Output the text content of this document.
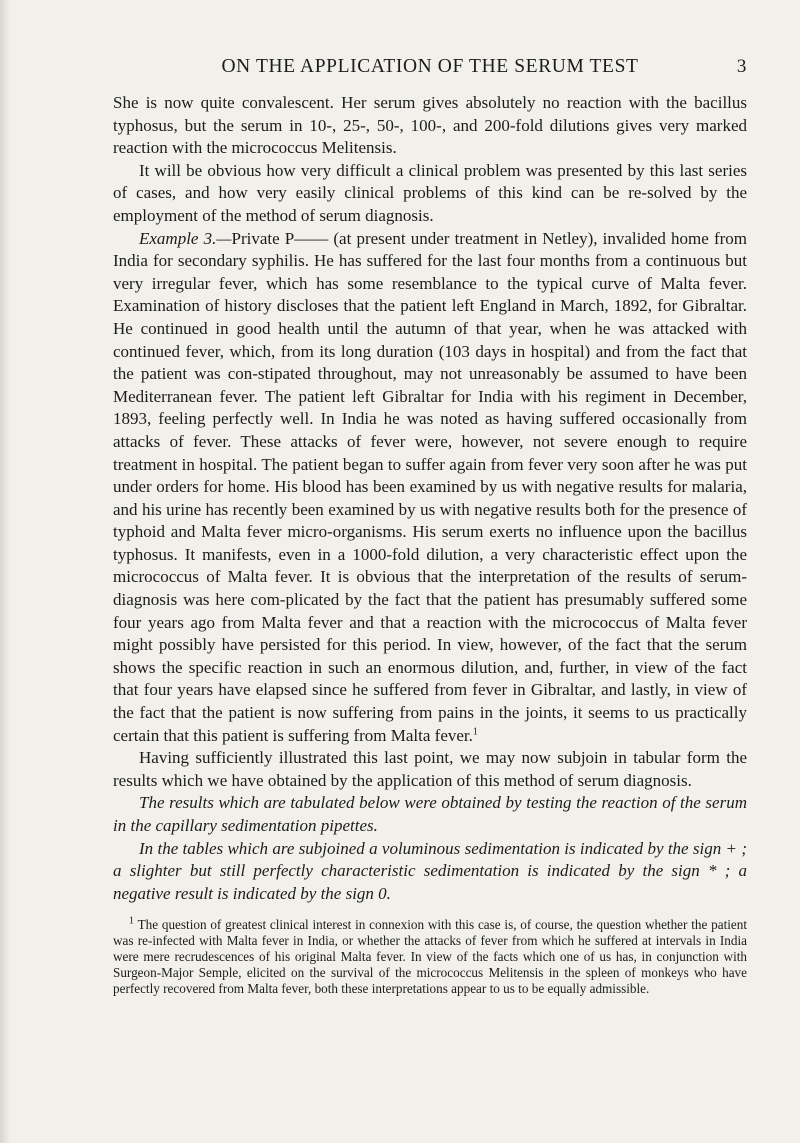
ON THE APPLICATION OF THE SERUM TEST	3

She is now quite convalescent. Her serum gives absolutely no reaction with the bacillus typhosus, but the serum in 10-, 25-, 50-, 100-, and 200-fold dilutions gives very marked reaction with the micrococcus Melitensis.

It will be obvious how very difficult a clinical problem was presented by this last series of cases, and how very easily clinical problems of this kind can be re-solved by the employment of the method of serum diagnosis.

Example 3.—Private P—— (at present under treatment in Netley), invalided home from India for secondary syphilis. He has suffered for the last four months from a continuous but very irregular fever, which has some resemblance to the typical curve of Malta fever. Examination of history discloses that the patient left England in March, 1892, for Gibraltar. He continued in good health until the autumn of that year, when he was attacked with continued fever, which, from its long duration (103 days in hospital) and from the fact that the patient was con-stipated throughout, may not unreasonably be assumed to have been Mediterranean fever. The patient left Gibraltar for India with his regiment in December, 1893, feeling perfectly well. In India he was noted as having suffered occasionally from attacks of fever. These attacks of fever were, however, not severe enough to require treatment in hospital. The patient began to suffer again from fever very soon after he was put under orders for home. His blood has been examined by us with negative results for malaria, and his urine has recently been examined by us with negative results both for the presence of typhoid and Malta fever micro-organisms. His serum exerts no influence upon the bacillus typhosus. It manifests, even in a 1000-fold dilution, a very characteristic effect upon the micrococcus of Malta fever. It is obvious that the interpretation of the results of serum-diagnosis was here com-plicated by the fact that the patient has presumably suffered some four years ago from Malta fever and that a reaction with the micrococcus of Malta fever might possibly have persisted for this period. In view, however, of the fact that the serum shows the specific reaction in such an enormous dilution, and, further, in view of the fact that four years have elapsed since he suffered from fever in Gibraltar, and lastly, in view of the fact that the patient is now suffering from pains in the joints, it seems to us practically certain that this patient is suffering from Malta fever.$^1$

Having sufficiently illustrated this last point, we may now subjoin in tabular form the results which we have obtained by the application of this method of serum diagnosis.

The results which are tabulated below were obtained by testing the reaction of the serum in the capillary sedimentation pipettes.

In the tables which are subjoined a voluminous sedimentation is indicated by the sign + ; a slighter but still perfectly characteristic sedimentation is indicated by the sign * ; a negative result is indicated by the sign 0.

$^1$ The question of greatest clinical interest in connexion with this case is, of course, the question whether the patient was re-infected with Malta fever in India, or whether the attacks of fever from which he suffered at intervals in India were mere recrudescences of his original Malta fever. In view of the facts which one of us has, in conjunction with Surgeon-Major Semple, elicited on the survival of the micrococcus Melitensis in the spleen of monkeys who have perfectly recovered from Malta fever, both these interpretations appear to us to be equally admissible.
